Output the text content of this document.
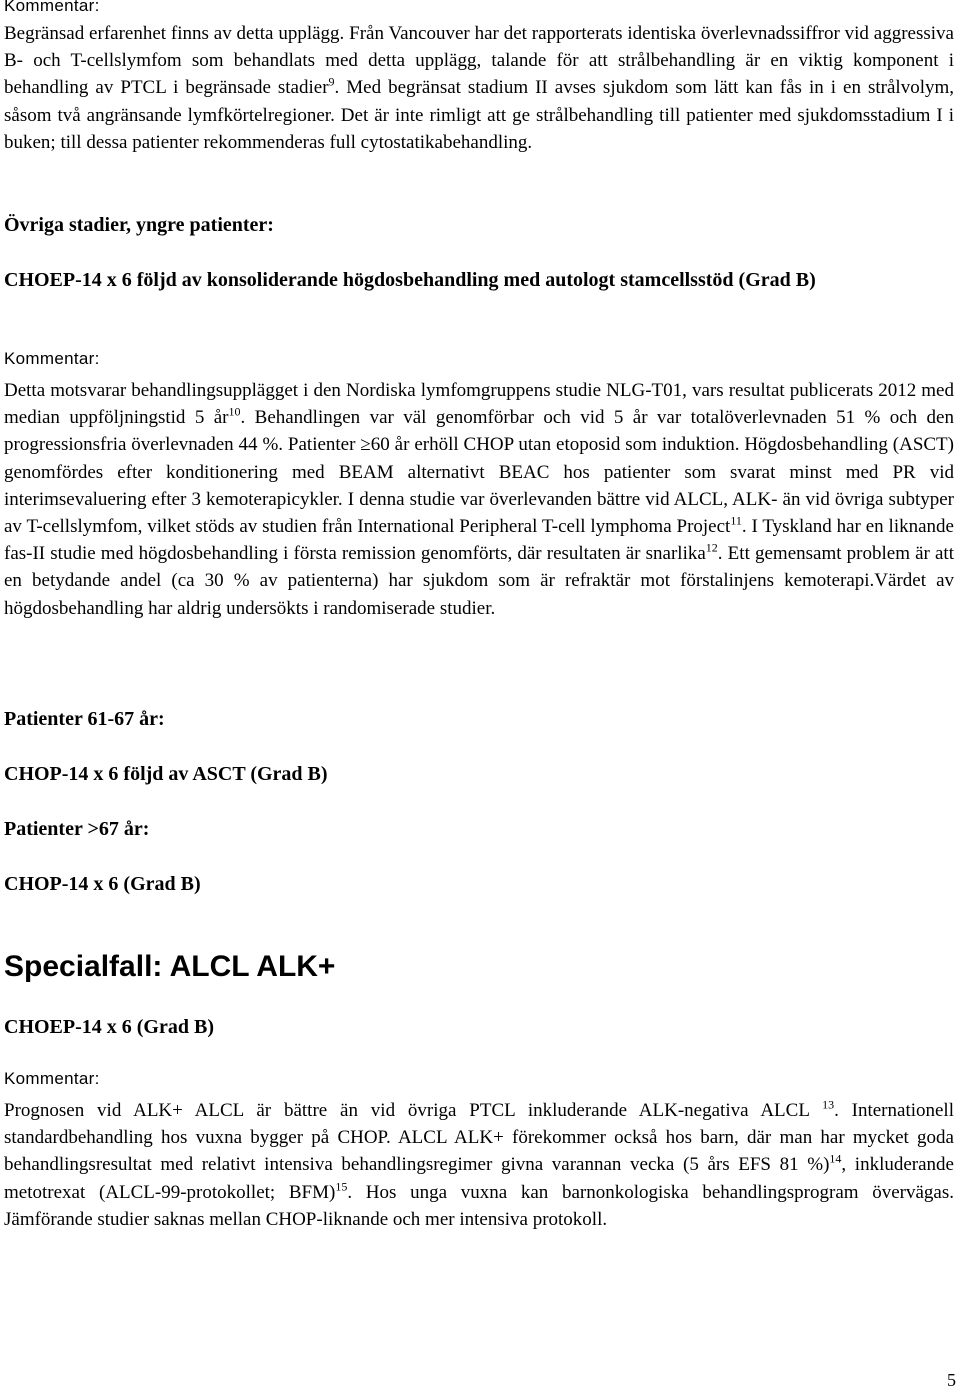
Kommentar:

Begränsad erfarenhet finns av detta upplägg. Från Vancouver har det rapporterats identiska överlevnadssiffror vid aggressiva B- och T-cellslymfom som behandlats med detta upplägg, talande för att strålbehandling är en viktig komponent i behandling av PTCL i begränsade stadier$^9$. Med begränsat stadium II avses sjukdom som lätt kan fås in i en strålvolym, såsom två angränsande lymfkörtelregioner. Det är inte rimligt att ge strålbehandling till patienter med sjukdomsstadium I i buken; till dessa patienter rekommenderas full cytostatikabehandling.

Övriga stadier, yngre patienter:
CHOEP-14 x 6 följd av konsoliderande högdosbehandling med autologt stamcellsstöd (Grad B)
Kommentar:

Detta motsvarar behandlingsupplägget i den Nordiska lymfomgruppens studie NLG-T01, vars resultat publicerats 2012 med median uppföljningstid 5 $år^{10}$. Behandlingen var väl genomförbar och vid 5 år var totalöverlevnaden 51 % och den progressionsfria överlevnaden 44 %. Patienter ≥60 år erhöll CHOP utan etoposid som induktion. Högdosbehandling (ASCT) genomfördes efter konditionering med BEAM alternativt BEAC hos patienter som svarat minst med PR vid interimsevaluering efter 3 kemoterapicykler. I denna studie var överlevanden bättre vid ALCL, ALK- än vid övriga subtyper av T-cellslymfom, vilket stöds av studien från International Peripheral T-cell lymphoma Project$^{11}$. I Tyskland har en liknande fas-II studie med högdosbehandling i första remission genomförts, där resultaten är snarlika$^{12}$. Ett gemensamt problem är att en betydande andel (ca 30 % av patienterna) har sjukdom som är refraktär mot förstalinjens kemoterapi.Värdet av högdosbehandling har aldrig undersökts i randomiserade studier.

Patienter 61-67 år:
CHOP-14 x 6 följd av ASCT (Grad B)
Patienter >67 år:
CHOP-14 x 6 (Grad B)
Specialfall: ALCL ALK+
CHOEP-14 x 6 (Grad B)
Kommentar:

Prognosen vid ALK+ ALCL är bättre än vid övriga PTCL inkluderande ALK-negativa ALCL $^{13}$. Internationell standardbehandling hos vuxna bygger på CHOP. ALCL ALK+ förekommer också hos barn, där man har mycket goda behandlingsresultat med relativt intensiva behandlingsregimer givna varannan vecka (5 års EFS 81 %)$^{14}$, inkluderande metotrexat (ALCL-99-protokollet; BFM)$^{15}$. Hos unga vuxna kan barnonkologiska behandlingsprogram övervägas. Jämförande studier saknas mellan CHOP-liknande och mer intensiva protokoll.

5
